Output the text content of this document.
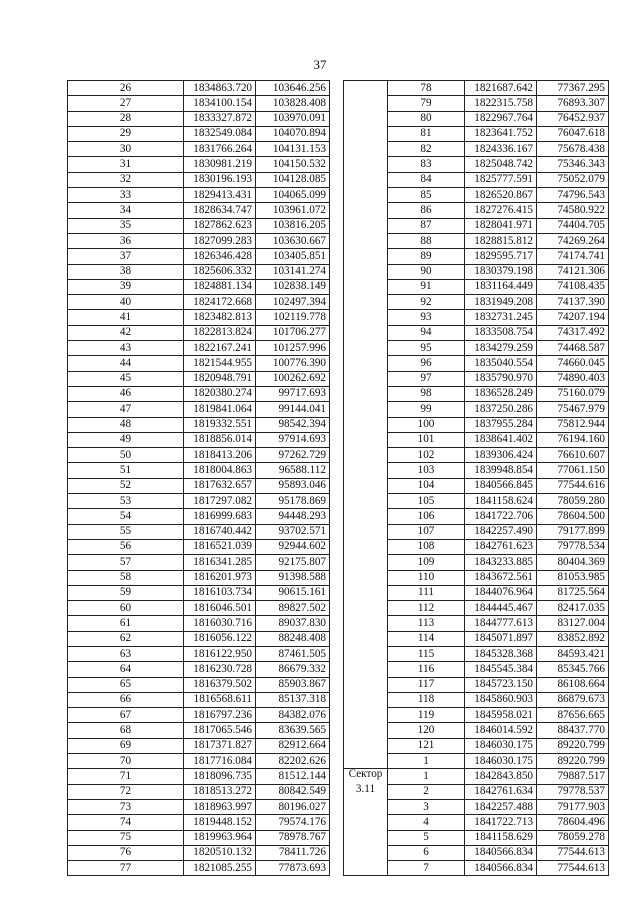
37
26	1834863.720	103646.256
27	1834100.154	103828.408
28	1833327.872	103970.091
29	1832549.084	104070.894
30	1831766.264	104131.153
31	1830981.219	104150.532
32	1830196.193	104128.085
33	1829413.431	104065.099
34	1828634.747	103961.072
35	1827862.623	103816.205
36	1827099.283	103630.667
37	1826346.428	103405.851
38	1825606.332	103141.274
39	1824881.134	102838.149
40	1824172.668	102497.394
41	1823482.813	102119.778
42	1822813.824	101706.277
43	1822167.241	101257.996
44	1821544.955	100776.390
45	1820948.791	100262.692
46	1820380.274	99717.693
47	1819841.064	99144.041
48	1819332.551	98542.394
49	1818856.014	97914.693
50	1818413.206	97262.729
51	1818004.863	96588.112
52	1817632.657	95893.046
53	1817297.082	95178.869
54	1816999.683	94448.293
55	1816740.442	93702.571
56	1816521.039	92944.602
57	1816341.285	92175.807
58	1816201.973	91398.588
59	1816103.734	90615.161
60	1816046.501	89827.502
61	1816030.716	89037.830
62	1816056.122	88248.408
63	1816122.950	87461.505
64	1816230.728	86679.332
65	1816379.502	85903.867
66	1816568.611	85137.318
67	1816797.236	84382.076
68	1817065.546	83639.565
69	1817371.827	82912.664
70	1817716.084	82202.626
71	1818096.735	81512.144
72	1818513.272	80842.549
73	1818963.997	80196.027
74	1819448.152	79574.176
75	1819963.964	78978.767
76	1820510.132	78411.726
77	1821085.255	77873.693
	78	1821687.642	77367.295
	79	1822315.758	76893.307
	80	1822967.764	76452.937
	81	1823641.752	76047.618
	82	1824336.167	75678.438
	83	1825048.742	75346.343
	84	1825777.591	75052.079
	85	1826520.867	74796.543
	86	1827276.415	74580.922
	87	1828041.971	74404.705
	88	1828815.812	74269.264
	89	1829595.717	74174.741
	90	1830379.198	74121.306
	91	1831164.449	74108.435
	92	1831949.208	74137.390
	93	1832731.245	74207.194
	94	1833508.754	74317.492
	95	1834279.259	74468.587
	96	1835040.554	74660.045
	97	1835790.970	74890.403
	98	1836528.249	75160.079
	99	1837250.286	75467.979
	100	1837955.284	75812.944
	101	1838641.402	76194.160
	102	1839306.424	76610.607
	103	1839948.854	77061.150
	104	1840566.845	77544.616
	105	1841158.624	78059.280
	106	1841722.706	78604.500
	107	1842257.490	79177.899
	108	1842761.623	79778.534
	109	1843233.885	80404.369
	110	1843672.561	81053.985
	111	1844076.964	81725.564
	112	1844445.467	82417.035
	113	1844777.613	83127.004
	114	1845071.897	83852.892
	115	1845328.368	84593.421
	116	1845545.384	85345.766
	117	1845723.150	86108.664
	118	1845860.903	86879.673
	119	1845958.021	87656.665
	120	1846014.592	88437.770
	121	1846030.175	89220.799
	1	1846030.175	89220.799

Сектор
3.11	1	1842843.850	79887.517
	2	1842761.634	79778.537
	3	1842257.488	79177.903
	4	1841722.713	78604.496
	5	1841158.629	78059.278
	6	1840566.834	77544.613
	7	1840566.834	77544.613
